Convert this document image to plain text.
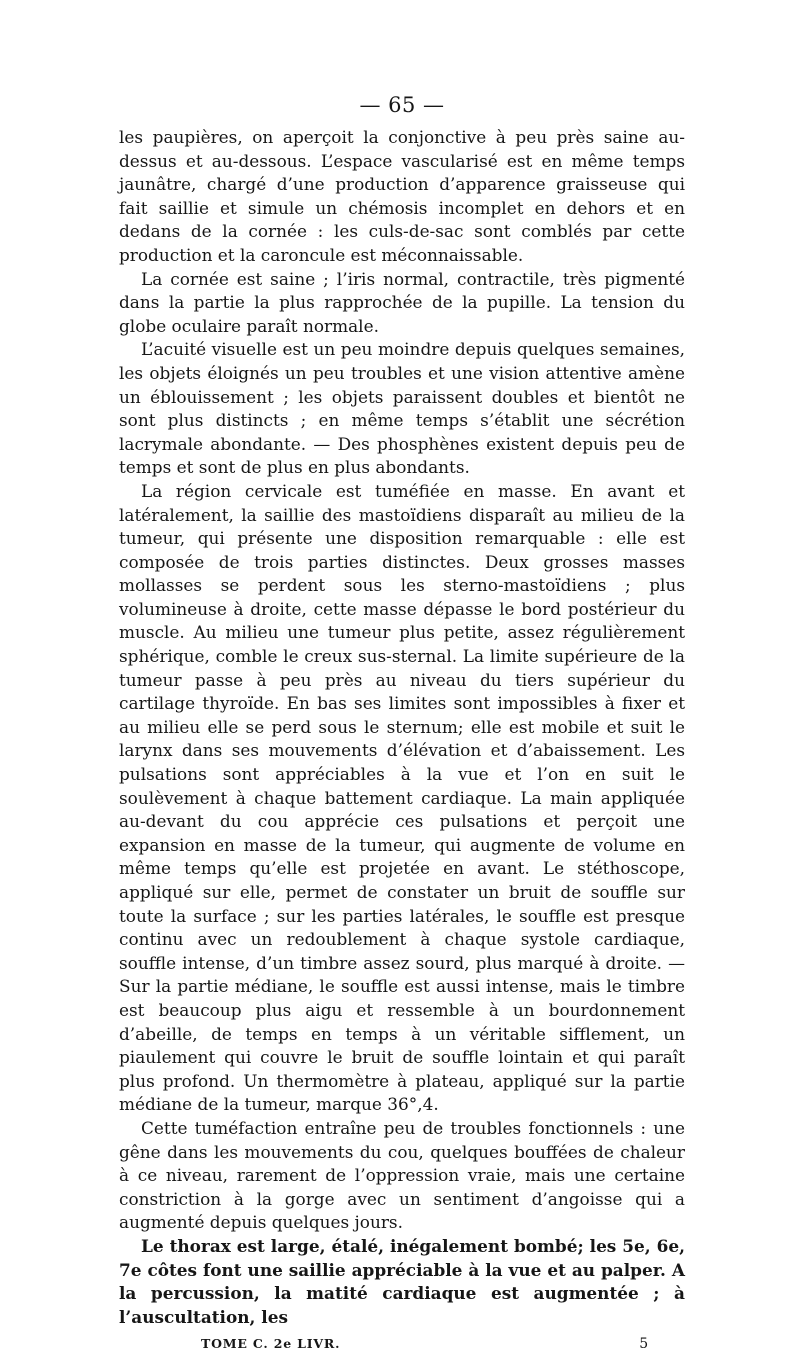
— 65 —

les paupières, on aperçoit la conjonctive à peu près saine au-dessus et au-dessous. L’espace vascularisé est en même temps jaunâtre, chargé d’une production d’apparence graisseuse qui fait saillie et simule un chémosis incomplet en dehors et en dedans de la cornée : les culs-de-sac sont comblés par cette production et la caroncule est méconnaissable.

La cornée est saine ; l’iris normal, contractile, très pigmenté dans la partie la plus rapprochée de la pupille. La tension du globe oculaire paraît normale.

L’acuité visuelle est un peu moindre depuis quelques semaines, les objets éloignés un peu troubles et une vision attentive amène un éblouissement ; les objets paraissent doubles et bientôt ne sont plus distincts ; en même temps s’établit une sécrétion lacrymale abondante. — Des phosphènes existent depuis peu de temps et sont de plus en plus abondants.

La région cervicale est tuméfiée en masse. En avant et latéralement, la saillie des mastoïdiens disparaît au milieu de la tumeur, qui présente une disposition remarquable : elle est composée de trois parties distinctes. Deux grosses masses mollasses se perdent sous les sterno-mastoïdiens ; plus volumineuse à droite, cette masse dépasse le bord postérieur du muscle. Au milieu une tumeur plus petite, assez régulièrement sphérique, comble le creux sus-sternal. La limite supérieure de la tumeur passe à peu près au niveau du tiers supérieur du cartilage thyroïde. En bas ses limites sont impossibles à fixer et au milieu elle se perd sous le sternum; elle est mobile et suit le larynx dans ses mouvements d’élévation et d’abaissement. Les pulsations sont appréciables à la vue et l’on en suit le soulèvement à chaque battement cardiaque. La main appliquée au-devant du cou apprécie ces pulsations et perçoit une expansion en masse de la tumeur, qui augmente de volume en même temps qu’elle est projetée en avant. Le stéthoscope, appliqué sur elle, permet de constater un bruit de souffle sur toute la surface ; sur les parties latérales, le souffle est presque continu avec un redoublement à chaque systole cardiaque, souffle intense, d’un timbre assez sourd, plus marqué à droite. — Sur la partie médiane, le souffle est aussi intense, mais le timbre est beaucoup plus aigu et ressemble à un bourdonnement d’abeille, de temps en temps à un véritable sifflement, un piaulement qui couvre le bruit de souffle lointain et qui paraît plus profond. Un thermomètre à plateau, appliqué sur la partie médiane de la tumeur, marque 36°,4.

Cette tuméfaction entraîne peu de troubles fonctionnels : une gêne dans les mouvements du cou, quelques bouffées de chaleur à ce niveau, rarement de l’oppression vraie, mais une certaine constriction à la gorge avec un sentiment d’angoisse qui a augmenté depuis quelques jours.

Le thorax est large, étalé, inégalement bombé; les 5e, 6e, 7e côtes font une saillie appréciable à la vue et au palper. A la percussion, la matité cardiaque est augmentée ; à l’auscultation, les

TOME C. 2e LIVR.	5
